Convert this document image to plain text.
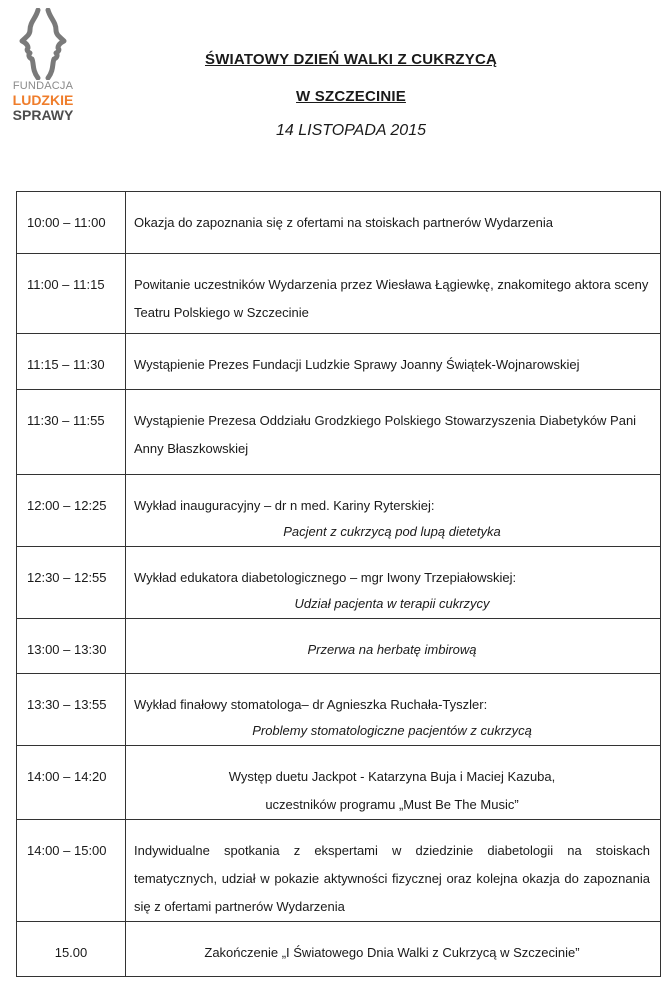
FUNDACJA
LUDZKIE
SPRAWY
ŚWIATOWY DZIEŃ WALKI Z CUKRZYCĄ
W SZCZECINIE
14 LISTOPADA 2015
10:00 – 11:00	Okazja do zapoznania się z ofertami na stoiskach partnerów Wydarzenia
11:00 – 11:15	Powitanie uczestników Wydarzenia przez Wiesława Łągiewkę, znakomitego aktora sceny Teatru Polskiego w Szczecinie
11:15 – 11:30	Wystąpienie Prezes Fundacji Ludzkie Sprawy Joanny Świątek-Wojnarowskiej
11:30 – 11:55	Wystąpienie Prezesa Oddziału Grodzkiego Polskiego Stowarzyszenia Diabetyków Pani Anny Błaszkowskiej
12:00 – 12:25	Wykład inauguracyjny – dr n med. Kariny Ryterskiej:
Pacjent z cukrzycą pod lupą dietetyka

12:30 – 12:55	Wykład edukatora diabetologicznego – mgr Iwony Trzepiałowskiej:
Udział pacjenta w terapii cukrzycy

13:00 – 13:30	Przerwa na herbatę imbirową

13:30 – 13:55	Wykład finałowy stomatologa– dr Agnieszka Ruchała-Tyszler:
Problemy stomatologiczne pacjentów z cukrzycą

14:00 – 14:20	Występ duetu Jackpot - Katarzyna Buja i Maciej Kazuba,
uczestników programu „Must Be The Music”

14:00 – 15:00	Indywidualne spotkania z ekspertami w dziedzinie diabetologii na stoiskach tematycznych, udział w pokazie aktywności fizycznej oraz kolejna okazja do zapoznania się z ofertami partnerów Wydarzenia
15.00	Zakończenie „I Światowego Dnia Walki z Cukrzycą w Szczecinie”
